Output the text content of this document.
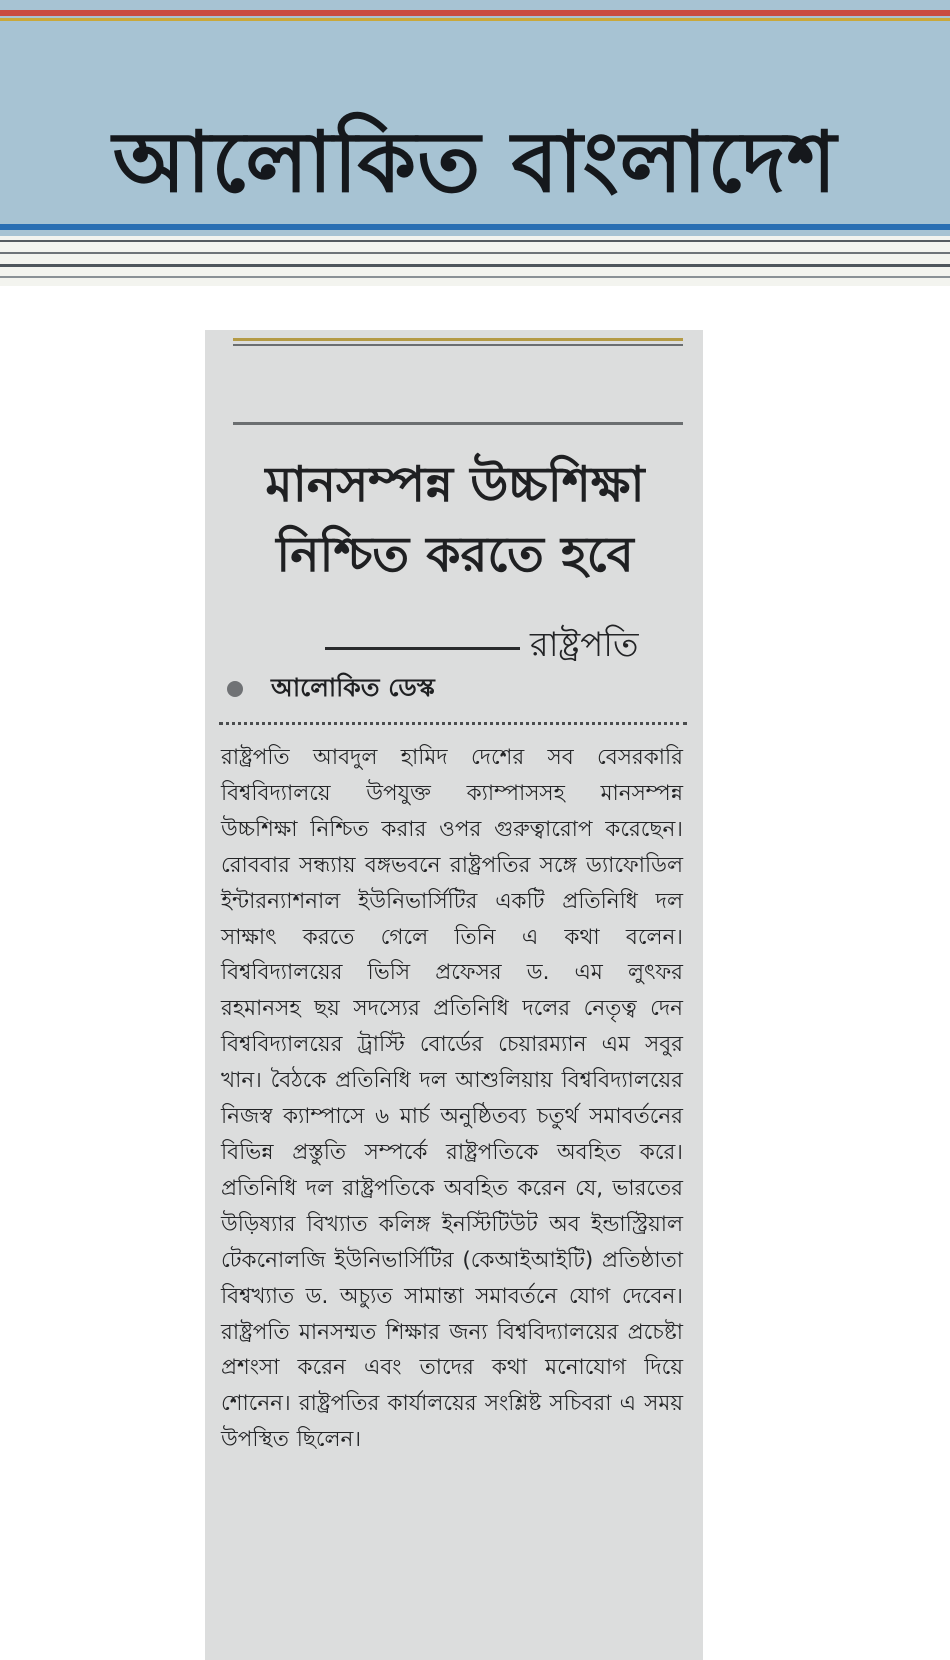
আলোকিত বাংলাদেশ
মানসম্পন্ন উচ্চশিক্ষা
নিশ্চিত করতে হবে
রাষ্ট্রপতি
আলোকিত ডেস্ক
রাষ্ট্রপতি আবদুল হামিদ দেশের সব বেসরকারি বিশ্ববিদ্যালয়ে উপযুক্ত ক্যাম্পাসসহ মানসম্পন্ন উচ্চশিক্ষা নিশ্চিত করার ওপর গুরুত্বারোপ করেছেন। রোববার সন্ধ্যায় বঙ্গভবনে রাষ্ট্রপতির সঙ্গে ড্যাফোডিল ইন্টারন্যাশনাল ইউনিভার্সিটির একটি প্রতিনিধি দল সাক্ষাৎ করতে গেলে তিনি এ কথা বলেন। বিশ্ববিদ্যালয়ের ভিসি প্রফেসর ড. এম লুৎফর রহমানসহ ছয় সদস্যের প্রতিনিধি দলের নেতৃত্ব দেন বিশ্ববিদ্যালয়ের ট্রাস্টি বোর্ডের চেয়ারম্যান এম সবুর খান। বৈঠকে প্রতিনিধি দল আশুলিয়ায় বিশ্ববিদ্যালয়ের নিজস্ব ক্যাম্পাসে ৬ মার্চ অনুষ্ঠিতব্য চতুর্থ সমাবর্তনের বিভিন্ন প্রস্তুতি সম্পর্কে রাষ্ট্রপতিকে অবহিত করে। প্রতিনিধি দল রাষ্ট্রপতিকে অবহিত করেন যে, ভারতের উড়িষ্যার বিখ্যাত কলিঙ্গ ইনস্টিটিউট অব ইন্ডাস্ট্রিয়াল টেকনোলজি ইউনিভার্সিটির (কেআইআইটি) প্রতিষ্ঠাতা বিশ্বখ্যাত ড. অচ্যুত সামান্তা সমাবর্তনে যোগ দেবেন। রাষ্ট্রপতি মানসম্মত শিক্ষার জন্য বিশ্ববিদ্যালয়ের প্রচেষ্টা প্রশংসা করেন এবং তাদের কথা মনোযোগ দিয়ে শোনেন। রাষ্ট্রপতির কার্যালয়ের সংশ্লিষ্ট সচিবরা এ সময় উপস্থিত ছিলেন।
